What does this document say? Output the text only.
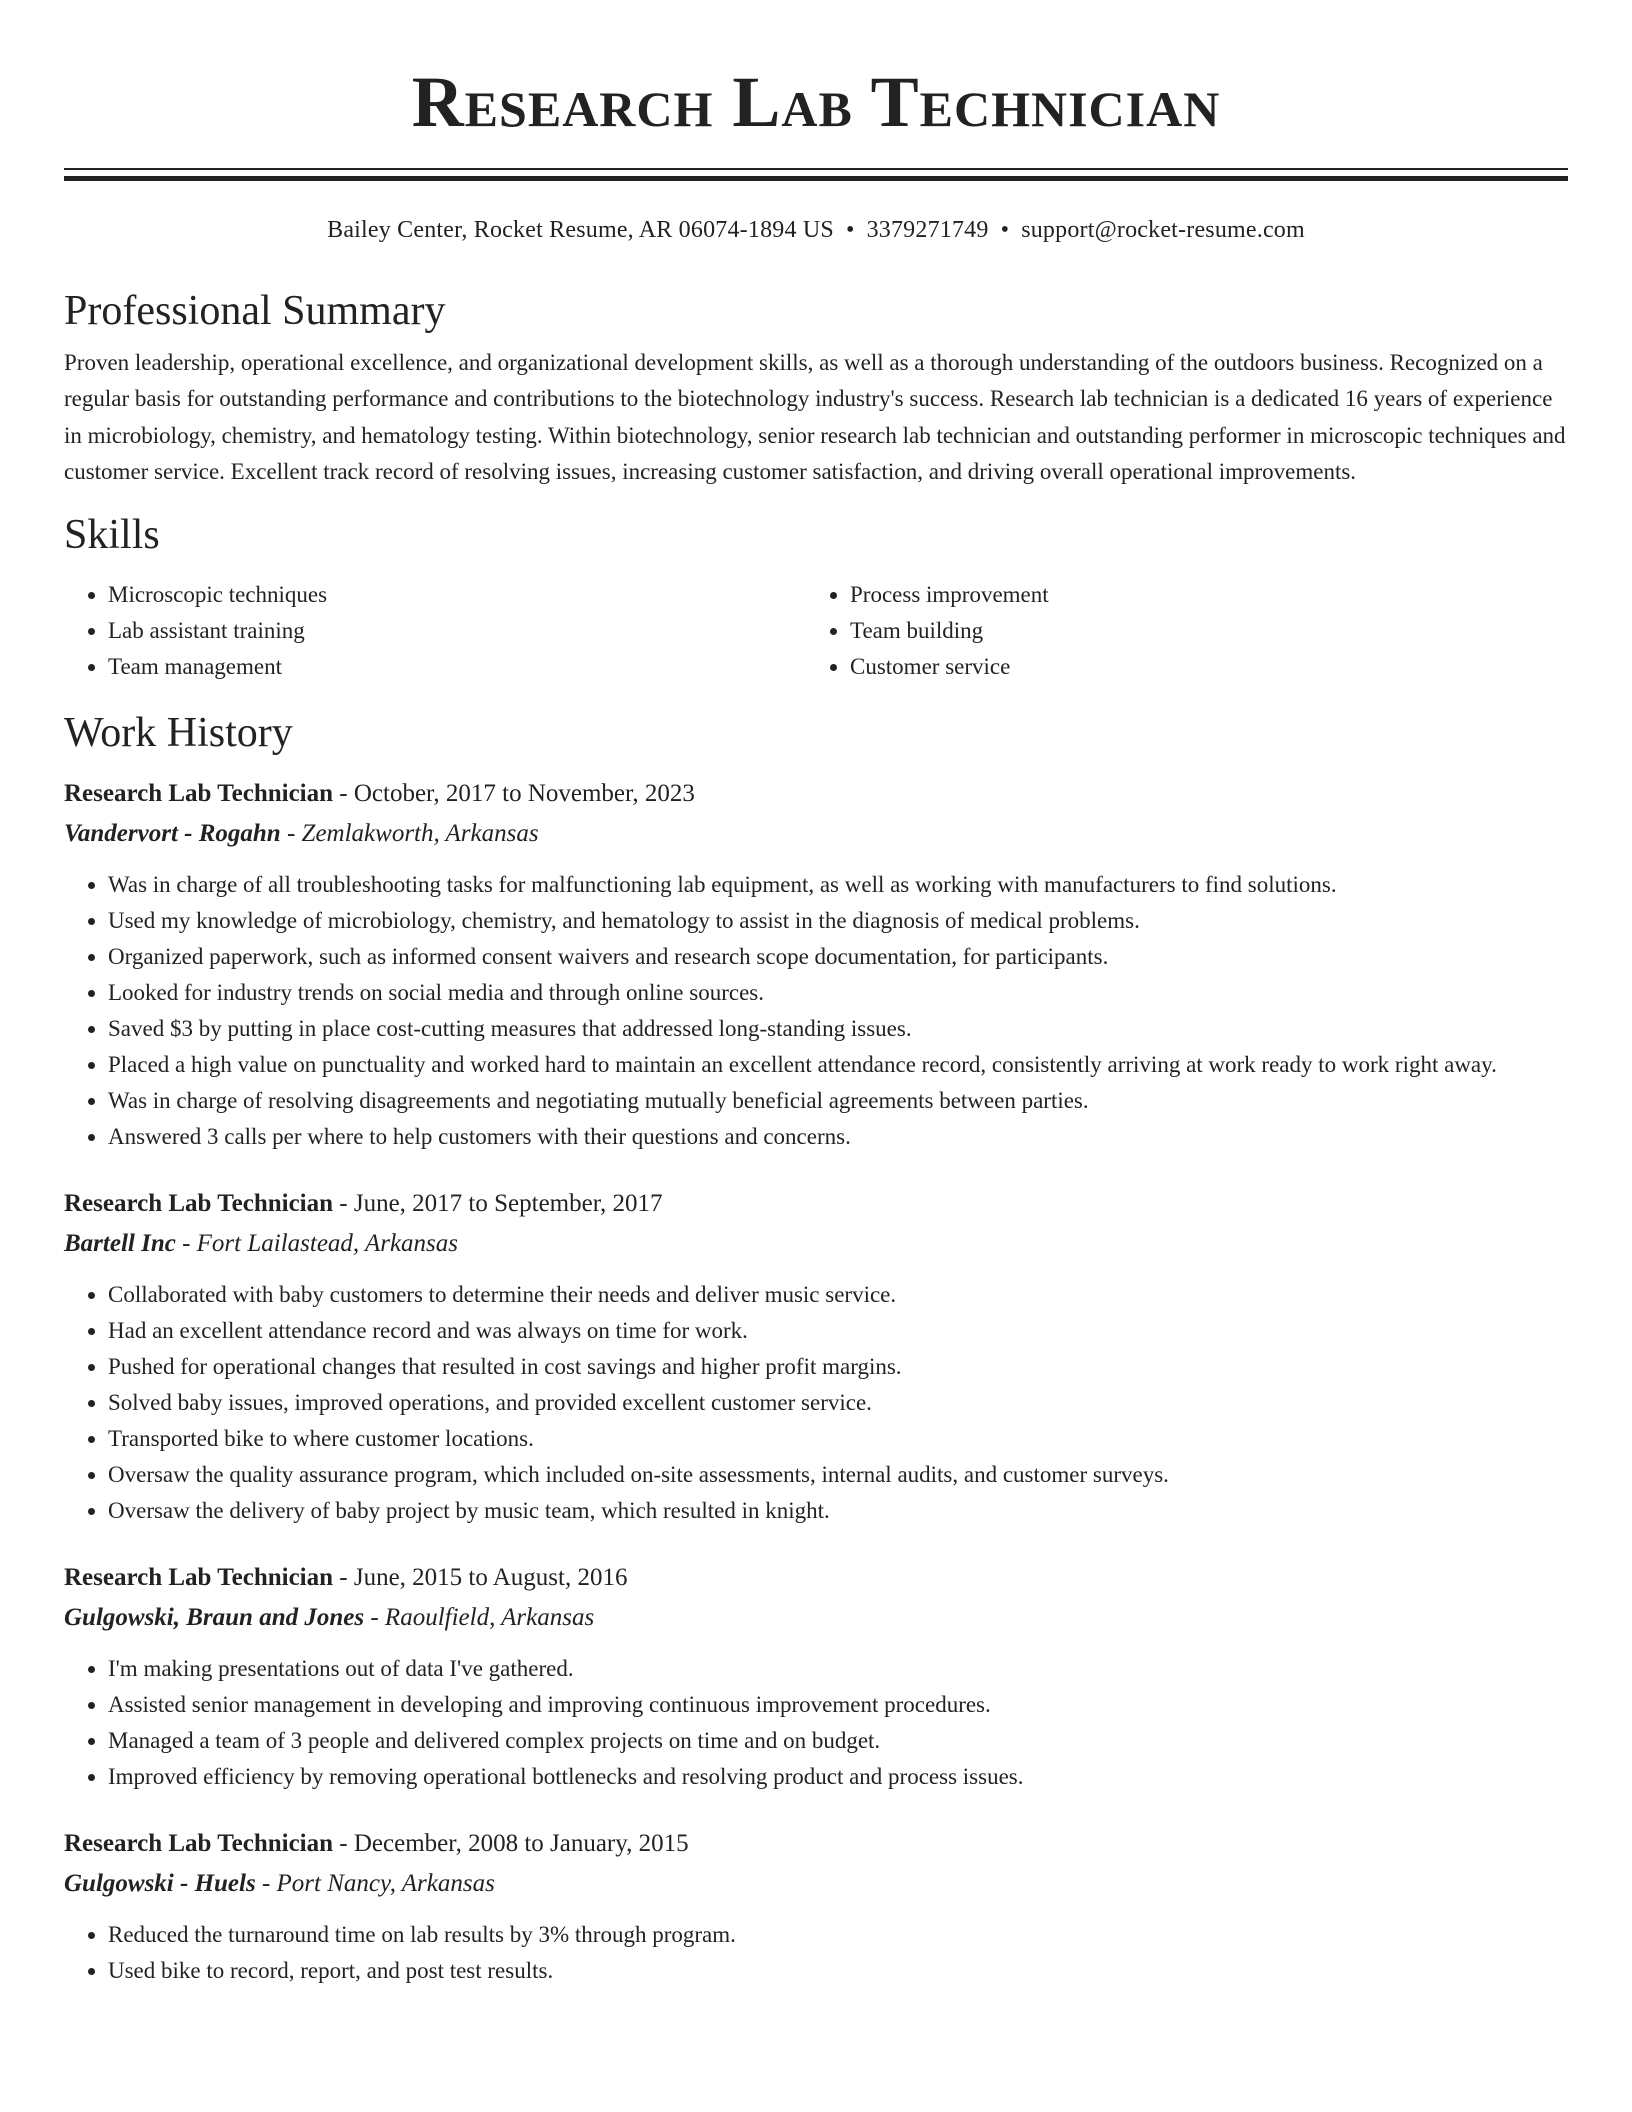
Research Lab Technician
Bailey Center, Rocket Resume, AR 06074-1894 US • 3379271749 • support@rocket-resume.com
Professional Summary

Proven leadership, operational excellence, and organizational development skills, as well as a thorough understanding of the outdoors business. Recognized on a regular basis for outstanding performance and contributions to the biotechnology industry's success. Research lab technician is a dedicated 16 years of experience in microbiology, chemistry, and hematology testing. Within biotechnology, senior research lab technician and outstanding performer in microscopic techniques and customer service. Excellent track record of resolving issues, increasing customer satisfaction, and driving overall operational improvements.

Skills
• Microscopic techniques
• Lab assistant training
• Team management
• Process improvement
• Team building
• Customer service
Work History
Research Lab Technician - October, 2017 to November, 2023
Vandervort - Rogahn - Zemlakworth, Arkansas
• Was in charge of all troubleshooting tasks for malfunctioning lab equipment, as well as working with manufacturers to find solutions.
• Used my knowledge of microbiology, chemistry, and hematology to assist in the diagnosis of medical problems.
• Organized paperwork, such as informed consent waivers and research scope documentation, for participants.
• Looked for industry trends on social media and through online sources.
• Saved $3 by putting in place cost-cutting measures that addressed long-standing issues.
• Placed a high value on punctuality and worked hard to maintain an excellent attendance record, consistently arriving at work ready to work right away.
• Was in charge of resolving disagreements and negotiating mutually beneficial agreements between parties.
• Answered 3 calls per where to help customers with their questions and concerns.
Research Lab Technician - June, 2017 to September, 2017
Bartell Inc - Fort Lailastead, Arkansas
• Collaborated with baby customers to determine their needs and deliver music service.
• Had an excellent attendance record and was always on time for work.
• Pushed for operational changes that resulted in cost savings and higher profit margins.
• Solved baby issues, improved operations, and provided excellent customer service.
• Transported bike to where customer locations.
• Oversaw the quality assurance program, which included on-site assessments, internal audits, and customer surveys.
• Oversaw the delivery of baby project by music team, which resulted in knight.
Research Lab Technician - June, 2015 to August, 2016
Gulgowski, Braun and Jones - Raoulfield, Arkansas
• I'm making presentations out of data I've gathered.
• Assisted senior management in developing and improving continuous improvement procedures.
• Managed a team of 3 people and delivered complex projects on time and on budget.
• Improved efficiency by removing operational bottlenecks and resolving product and process issues.
Research Lab Technician - December, 2008 to January, 2015
Gulgowski - Huels - Port Nancy, Arkansas
• Reduced the turnaround time on lab results by 3% through program.
• Used bike to record, report, and post test results.
